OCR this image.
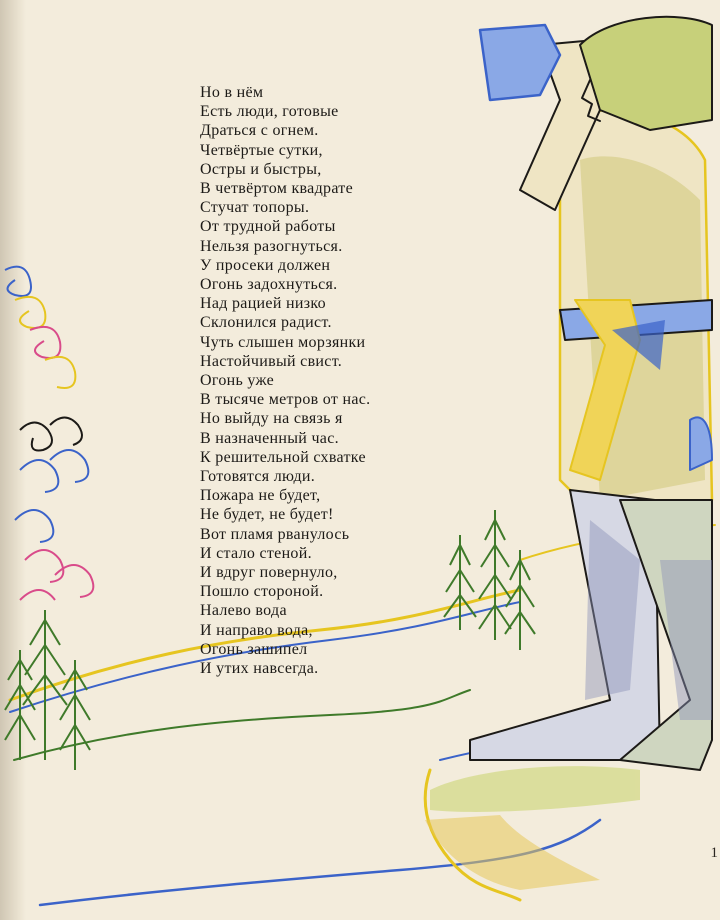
Но в нём
Есть люди, готовые
Драться с огнем.
Четвёртые сутки,
Остры и быстры,
В четвёртом квадрате
Стучат топоры.
От трудной работы
Нельзя разогнуться.
У просеки должен
Огонь задохнуться.
Над рацией низко
Склонился радист.
Чуть слышен морзянки
Настойчивый свист.
Огонь уже
В тысяче метров от нас.
Но выйду на связь я
В назначенный час.
К решительной схватке
Готовятся люди.
Пожара не будет,
Не будет, не будет!
Вот пламя рванулось
И стало стеной.
И вдруг повернуло,
Пошло стороной.
Налево вода
И направо вода,
Огонь зашипел
И утих навсегда.
1
